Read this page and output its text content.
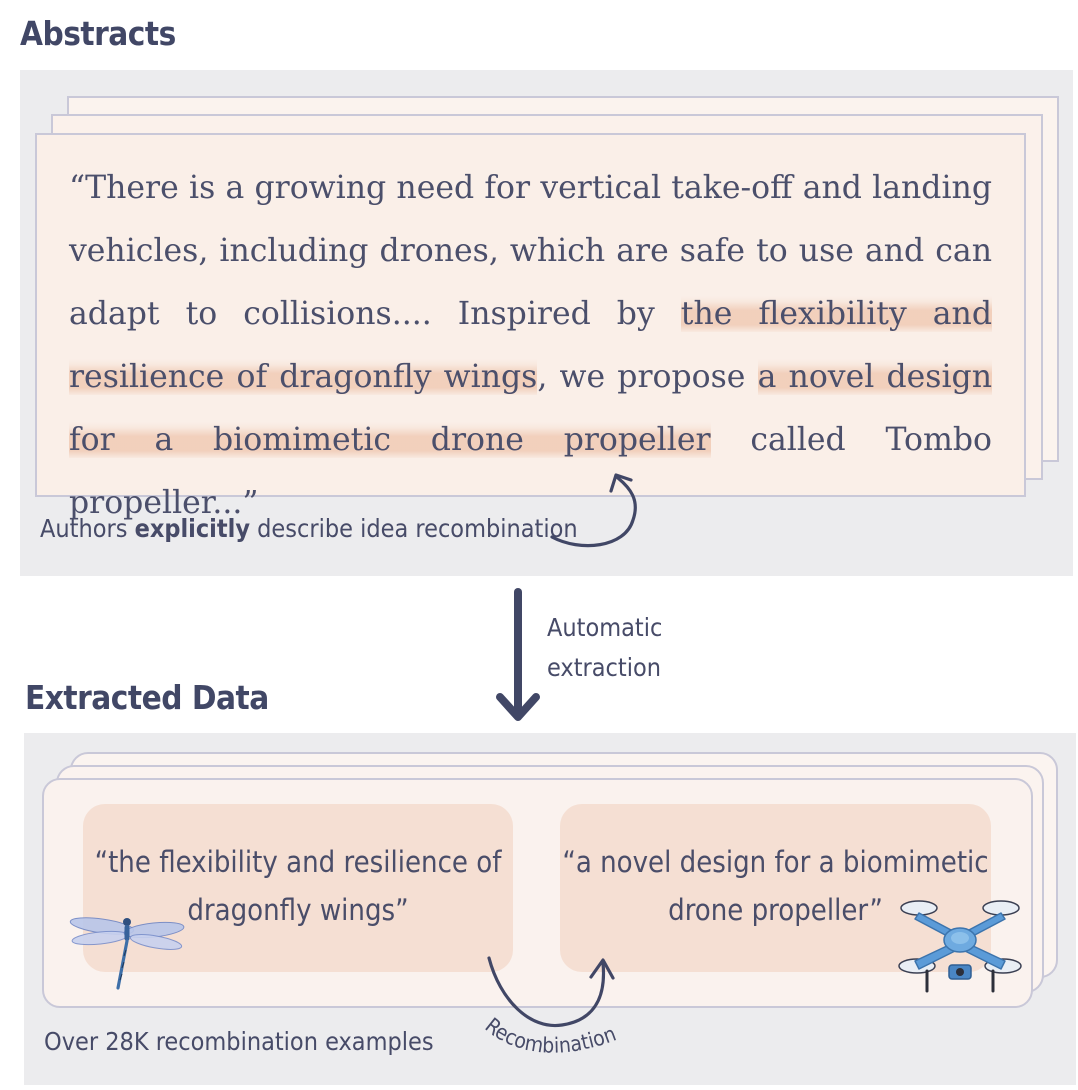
Abstracts
“There is a growing need for vertical take-off and landing vehicles, including drones, which are safe to use and can adapt to collisions.... Inspired by the flexibility and resilience of dragonfly wings, we propose a novel design for a biomimetic drone propeller called Tombo propeller...”
Authors explicitly describe idea recombination
Automatic
extraction
Extracted Data
“the flexibility and resilience of
dragonfly wings”
“a novel design for a biomimetic
drone propeller”
Recombination
Over 28K recombination examples
